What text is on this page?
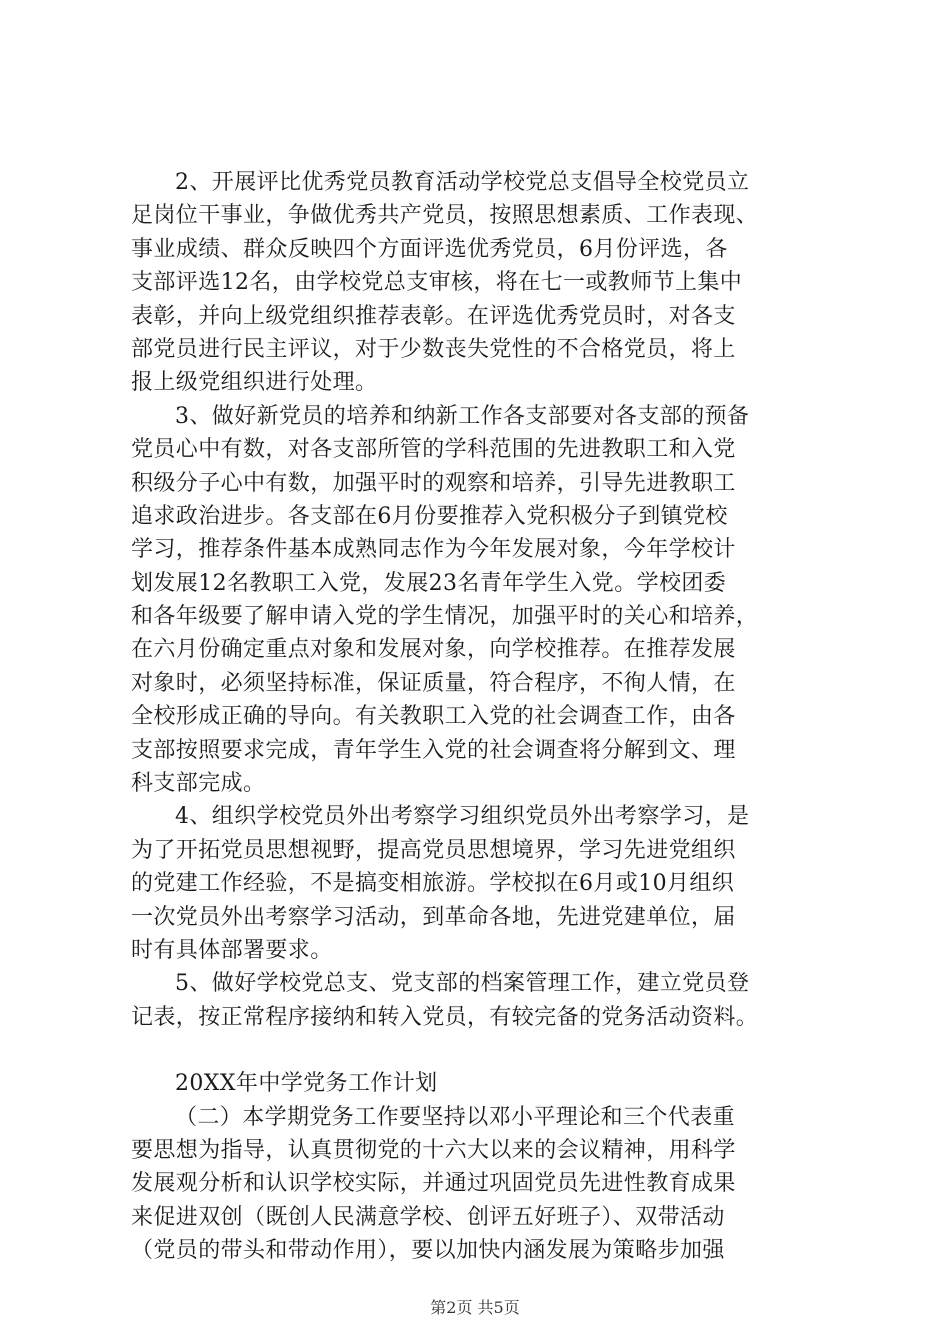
2、开展评比优秀党员教育活动学校党总支倡导全校党员立
足岗位干事业，争做优秀共产党员，按照思想素质、工作表现、
事业成绩、群众反映四个方面评选优秀党员，6月份评选，各
支部评选12名，由学校党总支审核，将在七一或教师节上集中
表彰，并向上级党组织推荐表彰。在评选优秀党员时，对各支
部党员进行民主评议，对于少数丧失党性的不合格党员，将上
报上级党组织进行处理。
3、做好新党员的培养和纳新工作各支部要对各支部的预备
党员心中有数，对各支部所管的学科范围的先进教职工和入党
积级分子心中有数，加强平时的观察和培养，引导先进教职工
追求政治进步。各支部在6月份要推荐入党积极分子到镇党校
学习，推荐条件基本成熟同志作为今年发展对象，今年学校计
划发展12名教职工入党，发展23名青年学生入党。学校团委
和各年级要了解申请入党的学生情况，加强平时的关心和培养，
在六月份确定重点对象和发展对象，向学校推荐。在推荐发展
对象时，必须坚持标准，保证质量，符合程序，不徇人情，在
全校形成正确的导向。有关教职工入党的社会调查工作，由各
支部按照要求完成，青年学生入党的社会调查将分解到文、理
科支部完成。
4、组织学校党员外出考察学习组织党员外出考察学习，是
为了开拓党员思想视野，提高党员思想境界，学习先进党组织
的党建工作经验，不是搞变相旅游。学校拟在6月或10月组织
一次党员外出考察学习活动，到革命各地，先进党建单位，届
时有具体部署要求。
5、做好学校党总支、党支部的档案管理工作，建立党员登
记表，按正常程序接纳和转入党员，有较完备的党务活动资料。
20XX年中学党务工作计划
（二）本学期党务工作要坚持以邓小平理论和三个代表重
要思想为指导，认真贯彻党的十六大以来的会议精神，用科学
发展观分析和认识学校实际，并通过巩固党员先进性教育成果
来促进双创（既创人民满意学校、创评五好班子）、双带活动
（党员的带头和带动作用），要以加快内涵发展为策略步加强
第2页 共5页
